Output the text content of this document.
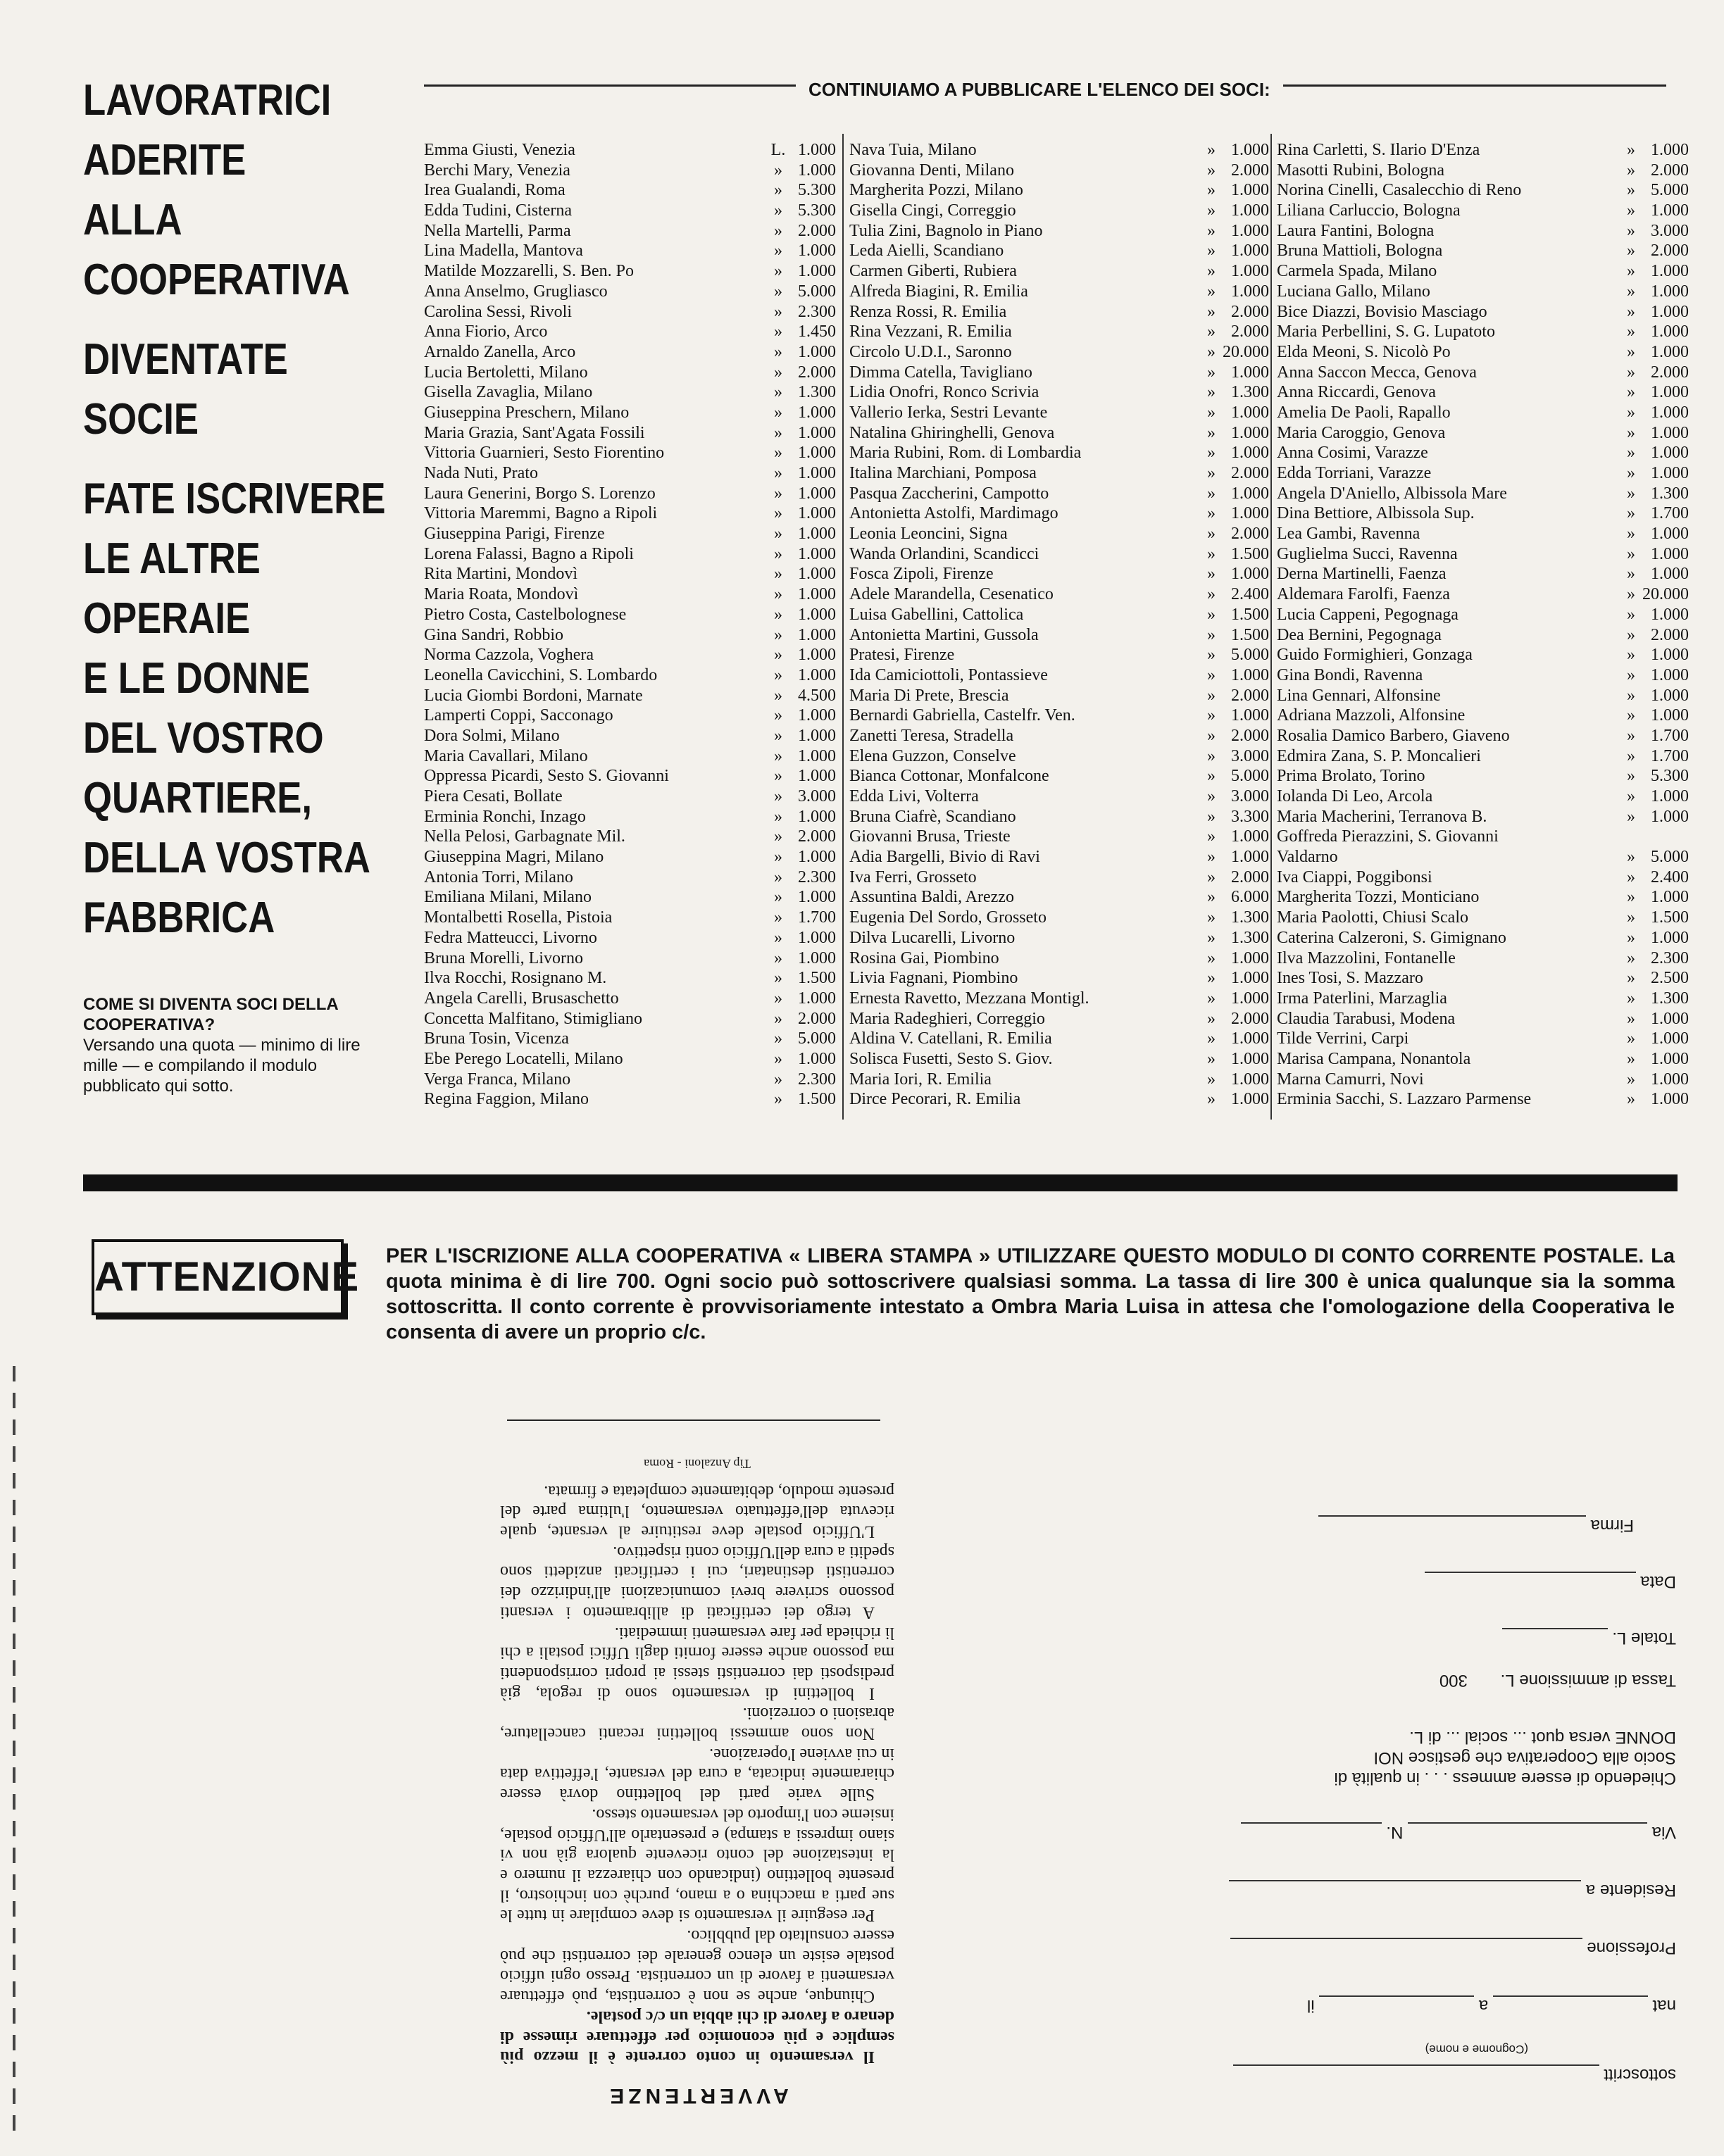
LAVORATRICI
ADERITE
ALLA
COOPERATIVA
DIVENTATE
SOCIE
FATE ISCRIVERE
LE ALTRE
OPERAIE
E LE DONNE
DEL VOSTRO
QUARTIERE,
DELLA VOSTRA
FABBRICA
COME SI DIVENTA SOCI DELLA COOPERATIVA?
Versando una quota — minimo di lire mille — e compilando il modulo pubblicato qui sotto.
CONTINUIAMO A PUBBLICARE L'ELENCO DEI SOCI:
Emma Giusti, Venezia	L. 1.000
Berchi Mary, Venezia	» 1.000
Irea Gualandi, Roma	» 5.300
Edda Tudini, Cisterna	» 5.300
Nella Martelli, Parma	» 2.000
Lina Madella, Mantova	» 1.000
Matilde Mozzarelli, S. Ben. Po	» 1.000
Anna Anselmo, Grugliasco	» 5.000
Carolina Sessi, Rivoli	» 2.300
Anna Fiorio, Arco	» 1.450
Arnaldo Zanella, Arco	» 1.000
Lucia Bertoletti, Milano	» 2.000
Gisella Zavaglia, Milano	» 1.300
Giuseppina Preschern, Milano	» 1.000
Maria Grazia, Sant'Agata Fossili	» 1.000
Vittoria Guarnieri, Sesto Fiorentino	» 1.000
Nada Nuti, Prato	» 1.000
Laura Generini, Borgo S. Lorenzo	» 1.000
Vittoria Maremmi, Bagno a Ripoli	» 1.000
Giuseppina Parigi, Firenze	» 1.000
Lorena Falassi, Bagno a Ripoli	» 1.000
Rita Martini, Mondovì	» 1.000
Maria Roata, Mondovì	» 1.000
Pietro Costa, Castelbolognese	» 1.000
Gina Sandri, Robbio	» 1.000
Norma Cazzola, Voghera	» 1.000
Leonella Cavicchini, S. Lombardo	» 1.000
Lucia Giombi Bordoni, Marnate	» 4.500
Lamperti Coppi, Sacconago	» 1.000
Dora Solmi, Milano	» 1.000
Maria Cavallari, Milano	» 1.000
Oppressa Picardi, Sesto S. Giovanni	» 1.000
Piera Cesati, Bollate	» 3.000
Erminia Ronchi, Inzago	» 1.000
Nella Pelosi, Garbagnate Mil.	» 2.000
Giuseppina Magri, Milano	» 1.000
Antonia Torri, Milano	» 2.300
Emiliana Milani, Milano	» 1.000
Montalbetti Rosella, Pistoia	» 1.700
Fedra Matteucci, Livorno	» 1.000
Bruna Morelli, Livorno	» 1.000
Ilva Rocchi, Rosignano M.	» 1.500
Angela Carelli, Brusaschetto	» 1.000
Concetta Malfitano, Stimigliano	» 2.000
Bruna Tosin, Vicenza	» 5.000
Ebe Perego Locatelli, Milano	» 1.000
Verga Franca, Milano	» 2.300
Regina Faggion, Milano	» 1.500
Nava Tuia, Milano	» 1.000
Giovanna Denti, Milano	» 2.000
Margherita Pozzi, Milano	» 1.000
Gisella Cingi, Correggio	» 1.000
Tulia Zini, Bagnolo in Piano	» 1.000
Leda Aielli, Scandiano	» 1.000
Carmen Giberti, Rubiera	» 1.000
Alfreda Biagini, R. Emilia	» 1.000
Renza Rossi, R. Emilia	» 2.000
Rina Vezzani, R. Emilia	» 2.000
Circolo U.D.I., Saronno	» 20.000
Dimma Catella, Tavigliano	» 1.000
Lidia Onofri, Ronco Scrivia	» 1.300
Vallerio Ierka, Sestri Levante	» 1.000
Natalina Ghiringhelli, Genova	» 1.000
Maria Rubini, Rom. di Lombardia	» 1.000
Italina Marchiani, Pomposa	» 2.000
Pasqua Zaccherini, Campotto	» 1.000
Antonietta Astolfi, Mardimago	» 1.000
Leonia Leoncini, Signa	» 2.000
Wanda Orlandini, Scandicci	» 1.500
Fosca Zipoli, Firenze	» 1.000
Adele Marandella, Cesenatico	» 2.400
Luisa Gabellini, Cattolica	» 1.500
Antonietta Martini, Gussola	» 1.500
Pratesi, Firenze	» 5.000
Ida Camiciottoli, Pontassieve	» 1.000
Maria Di Prete, Brescia	» 2.000
Bernardi Gabriella, Castelfr. Ven.	» 1.000
Zanetti Teresa, Stradella	» 2.000
Elena Guzzon, Conselve	» 3.000
Bianca Cottonar, Monfalcone	» 5.000
Edda Livi, Volterra	» 3.000
Bruna Ciafrè, Scandiano	» 3.300
Giovanni Brusa, Trieste	» 1.000
Adia Bargelli, Bivio di Ravi	» 1.000
Iva Ferri, Grosseto	» 2.000
Assuntina Baldi, Arezzo	» 6.000
Eugenia Del Sordo, Grosseto	» 1.300
Dilva Lucarelli, Livorno	» 1.300
Rosina Gai, Piombino	» 1.000
Livia Fagnani, Piombino	» 1.000
Ernesta Ravetto, Mezzana Montigl.	» 1.000
Maria Radeghieri, Correggio	» 2.000
Aldina V. Catellani, R. Emilia	» 1.000
Solisca Fusetti, Sesto S. Giov.	» 1.000
Maria Iori, R. Emilia	» 1.000
Dirce Pecorari, R. Emilia	» 1.000
Rina Carletti, S. Ilario D'Enza	» 1.000
Masotti Rubini, Bologna	» 2.000
Norina Cinelli, Casalecchio di Reno	» 5.000
Liliana Carluccio, Bologna	» 1.000
Laura Fantini, Bologna	» 3.000
Bruna Mattioli, Bologna	» 2.000
Carmela Spada, Milano	» 1.000
Luciana Gallo, Milano	» 1.000
Bice Diazzi, Bovisio Masciago	» 1.000
Maria Perbellini, S. G. Lupatoto	» 1.000
Elda Meoni, S. Nicolò Po	» 1.000
Anna Saccon Mecca, Genova	» 2.000
Anna Riccardi, Genova	» 1.000
Amelia De Paoli, Rapallo	» 1.000
Maria Caroggio, Genova	» 1.000
Anna Cosimi, Varazze	» 1.000
Edda Torriani, Varazze	» 1.000
Angela D'Aniello, Albissola Mare	» 1.300
Dina Bettiore, Albissola Sup.	» 1.700
Lea Gambi, Ravenna	» 1.000
Guglielma Succi, Ravenna	» 1.000
Derna Martinelli, Faenza	» 1.000
Aldemara Farolfi, Faenza	» 20.000
Lucia Cappeni, Pegognaga	» 1.000
Dea Bernini, Pegognaga	» 2.000
Guido Formighieri, Gonzaga	» 1.000
Gina Bondi, Ravenna	» 1.000
Lina Gennari, Alfonsine	» 1.000
Adriana Mazzoli, Alfonsine	» 1.000
Rosalia Damico Barbero, Giaveno	» 1.700
Edmira Zana, S. P. Moncalieri	» 1.700
Prima Brolato, Torino	» 5.300
Iolanda Di Leo, Arcola	» 1.000
Maria Macherini, Terranova B.	» 1.000
Goffreda Pierazzini, S. Giovanni
Valdarno	» 5.000
Iva Ciappi, Poggibonsi	» 2.400
Margherita Tozzi, Monticiano	» 1.000
Maria Paolotti, Chiusi Scalo	» 1.500
Caterina Calzeroni, S. Gimignano	» 1.000
Ilva Mazzolini, Fontanelle	» 2.300
Ines Tosi, S. Mazzaro	» 2.500
Irma Paterlini, Marzaglia	» 1.300
Claudia Tarabusi, Modena	» 1.000
Tilde Verrini, Carpi	» 1.000
Marisa Campana, Nonantola	» 1.000
Marna Camurri, Novi	» 1.000
Erminia Sacchi, S. Lazzaro Parmense	» 1.000
ATTENZIONE PER L'ISCRIZIONE ALLA COOPERATIVA « LIBERA STAMPA » UTILIZZARE QUESTO MODULO DI CONTO CORRENTE POSTALE. La quota minima è di lire 700. Ogni socio può sottoscrivere qualsiasi somma. La tassa di lire 300 è unica qualunque sia la somma sottoscritta. Il conto corrente è provvisoriamente intestato a Ombra Maria Luisa in attesa che l'omologazione della Cooperativa le consenta di avere un proprio c/c.
AVVERTENZE

Il versamento in conto corrente è il mezzo più semplice e più economico per effettuare rimesse di denaro a favore di chi abbia un c/c postale.

Chiunque, anche se non è correntista, può effettuare versamenti a favore di un correntista. Presso ogni ufficio postale esiste un elenco generale dei correntisti che può essere consultato dal pubblico.

Per eseguire il versamento si deve compilare in tutte le sue parti a macchina o a mano, purchè con inchiostro, il presente bollettino (indicando con chiarezza il numero e la intestazione del conto ricevente qualora già non vi siano impressi a stampa) e presentarlo all'Ufficio postale, insieme con l'importo del versamento stesso.

Sulle varie parti del bollettino dovrà essere chiaramente indicata, a cura del versante, l'effettiva data in cui avviene l'operazione.

Non sono ammessi bollettini recanti cancellature, abrasioni o correzioni.

I bollettini di versamento sono di regola, già predisposti dai correntisti stessi ai propri corrispondenti ma possono anche essere forniti dagli Uffici postali a chi li richieda per fare versamenti immediati.

A tergo dei certificati di allibramento i versanti possono scrivere brevi comunicazioni all'indirizzo dei correntisti destinatari, cui i certificati anzidetti sono spediti a cura dell'Ufficio conti rispettivo.

L'Ufficio postale deve restituire al versante, quale ricevuta dell'effettuato versamento, l'ultima parte del presente modulo, debitamente completata e firmata.

Tip Anzaloni - Roma
sottoscritt
(Cognome e nome)
nat  a  il
Professione
Residente a
Via  N.
Chiedendo di essere ammess . . . in qualità di Socio alla Cooperativa che gestisce NOI DONNE versa quot ... social ... di L.
Tassa di ammissione L. 300
Totale L.
Data
Firma
